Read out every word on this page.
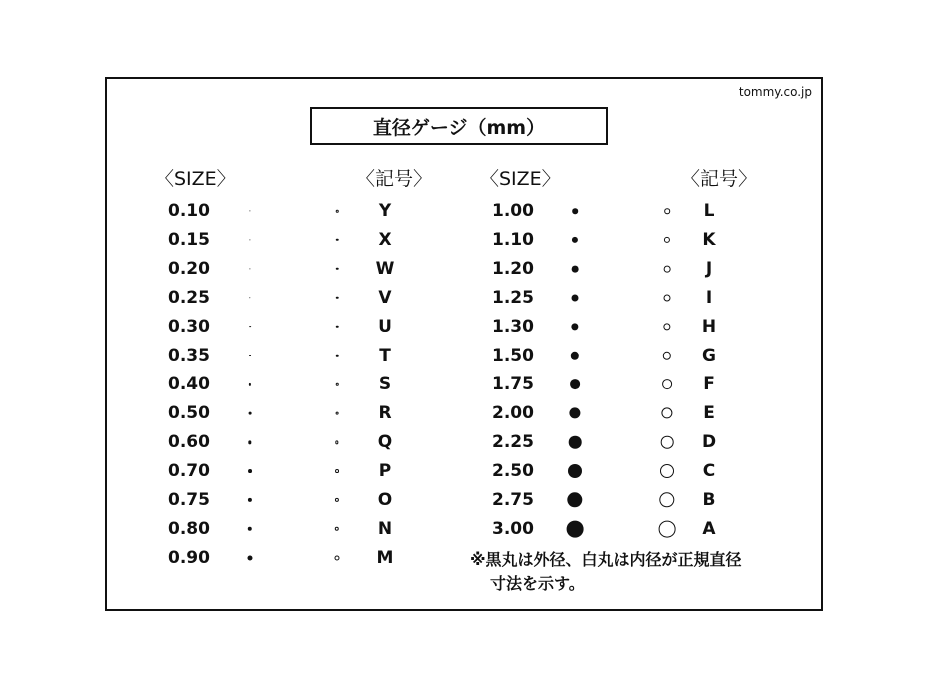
tommy.co.jp
直径ゲージ（mm）
〈SIZE〉	〈記号〉	〈SIZE〉	〈記号〉
0.10	Y
0.15	X
0.20	W
0.25	V
0.30	U
0.35	T
0.40	S
0.50	R
0.60	Q
0.70	P
0.75	O
0.80	N
0.90	M
1.00	L
1.10	K
1.20	J
1.25	I
1.30	H
1.50	G
1.75	F
2.00	E
2.25	D
2.50	C
2.75	B
3.00	A
※黒丸は外径、白丸は内径が正規直径
寸法を示す。
